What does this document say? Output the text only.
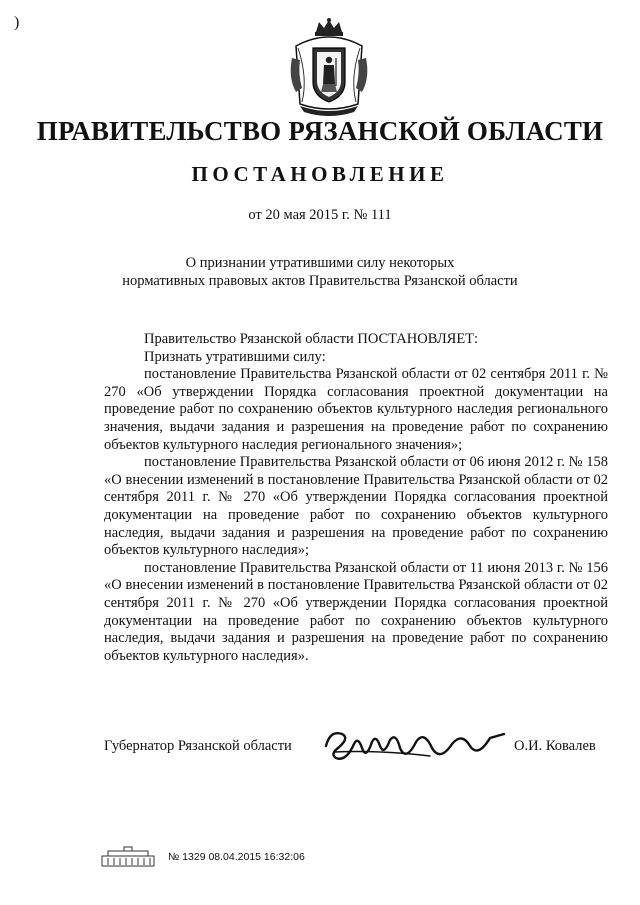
)
ПРАВИТЕЛЬСТВО РЯЗАНСКОЙ ОБЛАСТИ
ПОСТАНОВЛЕНИЕ
от 20 мая 2015 г. № 111
О признании утратившими силу некоторых
нормативных правовых актов Правительства Рязанской области

Правительство Рязанской области ПОСТАНОВЛЯЕТ:

Признать утратившими силу:

постановление Правительства Рязанской области от 02 сентября 2011 г. № 270 «Об утверждении Порядка согласования проектной документации на проведение работ по сохранению объектов культурного наследия регионального значения, выдачи задания и разрешения на проведение работ по сохранению объектов культурного наследия регионального значения»;

постановление Правительства Рязанской области от 06 июня 2012 г. № 158 «О внесении изменений в постановление Правительства Рязанской области от 02 сентября 2011 г. № 270 «Об утверждении Порядка согласования проектной документации на проведение работ по сохранению объектов культурного наследия, выдачи задания и разрешения на проведение работ по сохранению объектов культурного наследия»;

постановление Правительства Рязанской области от 11 июня 2013 г. № 156 «О внесении изменений в постановление Правительства Рязанской области от 02 сентября 2011 г. № 270 «Об утверждении Порядка согласования проектной документации на проведение работ по сохранению объектов культурного наследия, выдачи задания и разрешения на проведение работ по сохранению объектов культурного наследия».

Губернатор Рязанской области	О.И. Ковалев
№ 1329 08.04.2015 16:32:06
